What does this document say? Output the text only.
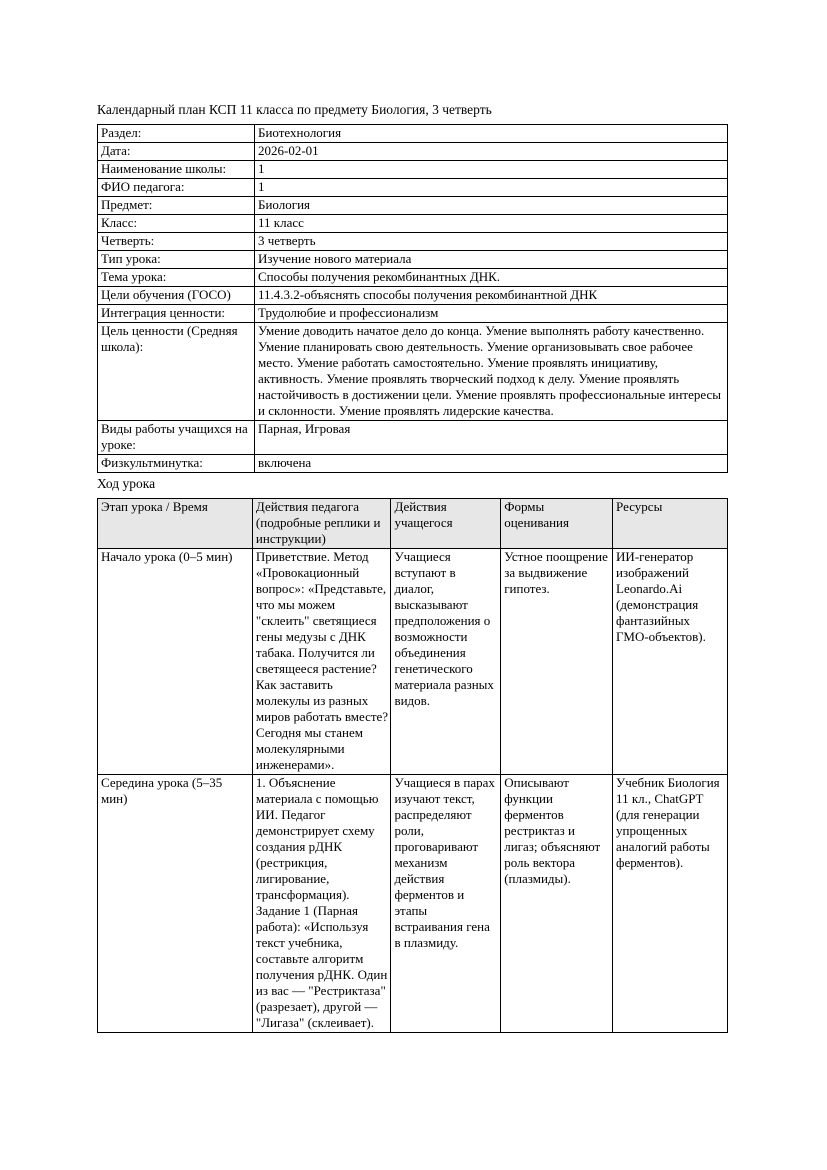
Календарный план КСП 11 класса по предмету Биология, 3 четверть
Раздел:	Биотехнология
Дата:	2026-02-01
Наименование школы:	1
ФИО педагога:	1
Предмет:	Биология
Класс:	11 класс
Четверть:	3 четверть
Тип урока:	Изучение нового материала
Тема урока:	Способы получения рекомбинантных ДНК.
Цели обучения (ГОСО)	11.4.3.2-объяснять способы получения рекомбинантной ДНК
Интеграция ценности:	Трудолюбие и профессионализм
Цель ценности (Средняя школа):	Умение доводить начатое дело до конца. Умение выполнять работу качественно. Умение планировать свою деятельность. Умение организовывать свое рабочее место. Умение работать самостоятельно. Умение проявлять инициативу, активность. Умение проявлять творческий подход к делу. Умение проявлять настойчивость в достижении цели. Умение проявлять профессиональные интересы и склонности. Умение проявлять лидерские качества.
Виды работы учащихся на уроке:	Парная, Игровая
Физкультминутка:	включена
Ход урока
Этап урока / Время	Действия педагога (подробные реплики и инструкции)	Действия учащегося	Формы оценивания	Ресурсы
Начало урока (0–5 мин)	Приветствие. Метод «Провокационный вопрос»: «Представьте, что мы можем "склеить" светящиеся гены медузы с ДНК табака. Получится ли светящееся растение? Как заставить молекулы из разных миров работать вместе? Сегодня мы станем молекулярными инженерами».	Учащиеся вступают в диалог, высказывают предположения о возможности объединения генетического материала разных видов.	Устное поощрение за выдвижение гипотез.	ИИ-генератор изображений Leonardo.Ai (демонстрация фантазийных ГМО-объектов).
Середина урока (5–35 мин)	1. Объяснение материала с помощью ИИ. Педагог демонстрирует схему создания рДНК (рестрикция, лигирование, трансформация). Задание 1 (Парная работа): «Используя текст учебника, составьте алгоритм получения рДНК. Один из вас — "Рестриктаза" (разрезает), другой — "Лигаза" (склеивает).	Учащиеся в парах изучают текст, распределяют роли, проговаривают механизм действия ферментов и этапы встраивания гена в плазмиду.	Описывают функции ферментов рестриктаз и лигаз; объясняют роль вектора (плазмиды).	Учебник Биология 11 кл., ChatGPT (для генерации упрощенных аналогий работы ферментов).
